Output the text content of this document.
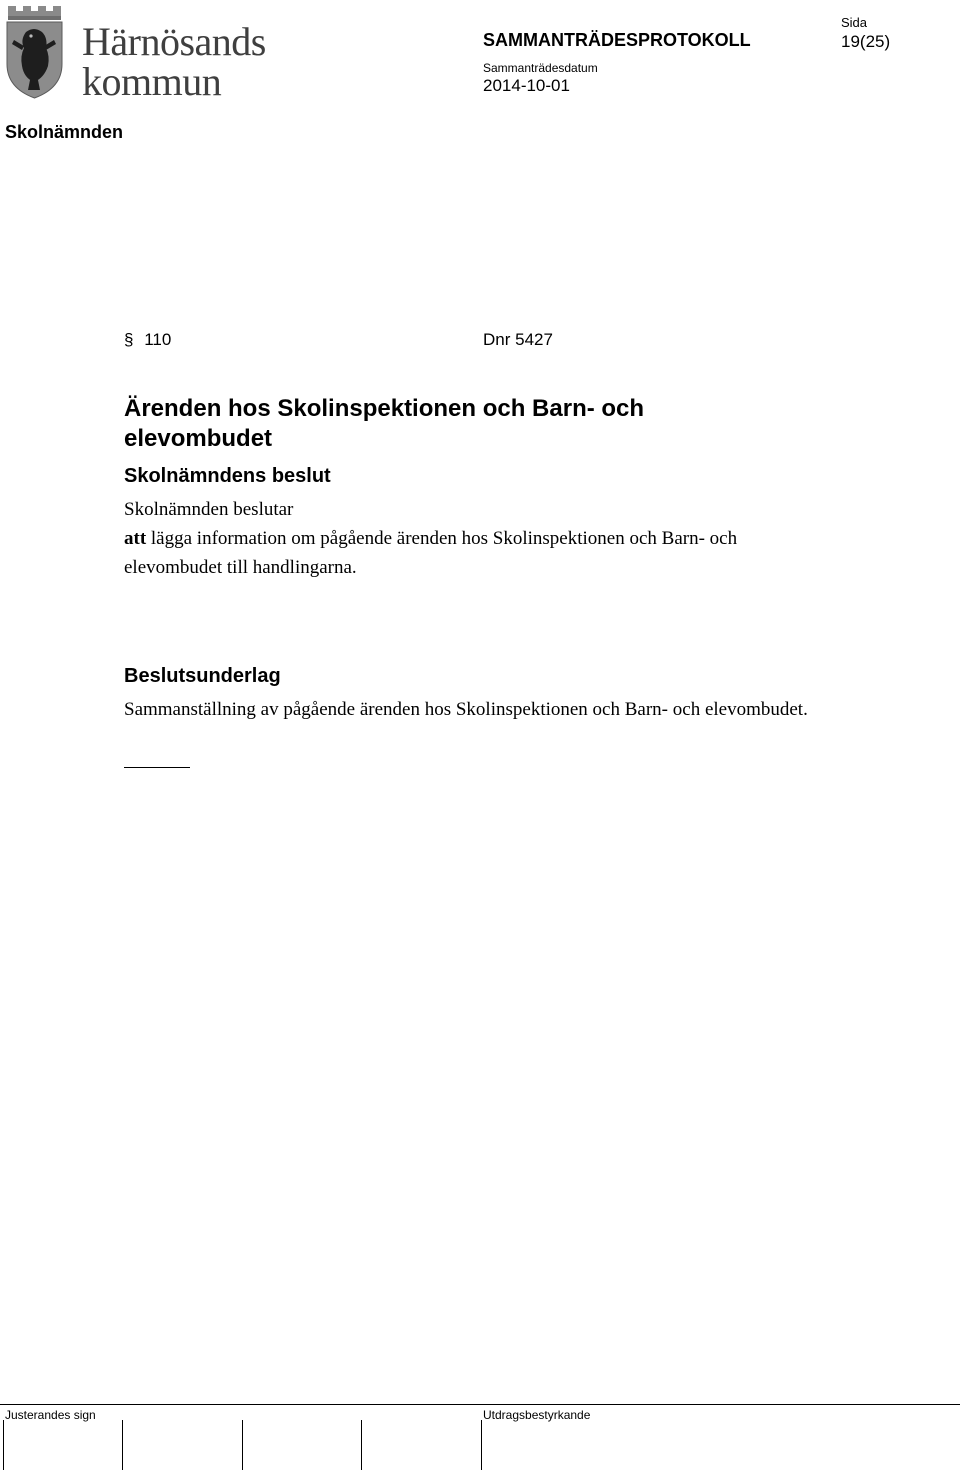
Härnösands
kommun
SAMMANTRÄDESPROTOKOLL
Sammanträdesdatum
2014-10-01
Sida
19(25)
Skolnämnden
§ 110	Dnr 5427
Ärenden hos Skolinspektionen och Barn- och elevombudet
Skolnämndens beslut
Skolnämnden beslutar
att lägga information om pågående ärenden hos Skolinspektionen och Barn- och elevombudet till handlingarna.
Beslutsunderlag
Sammanställning av pågående ärenden hos Skolinspektionen och Barn- och elevombudet.
Justerandes sign	Utdragsbestyrkande
